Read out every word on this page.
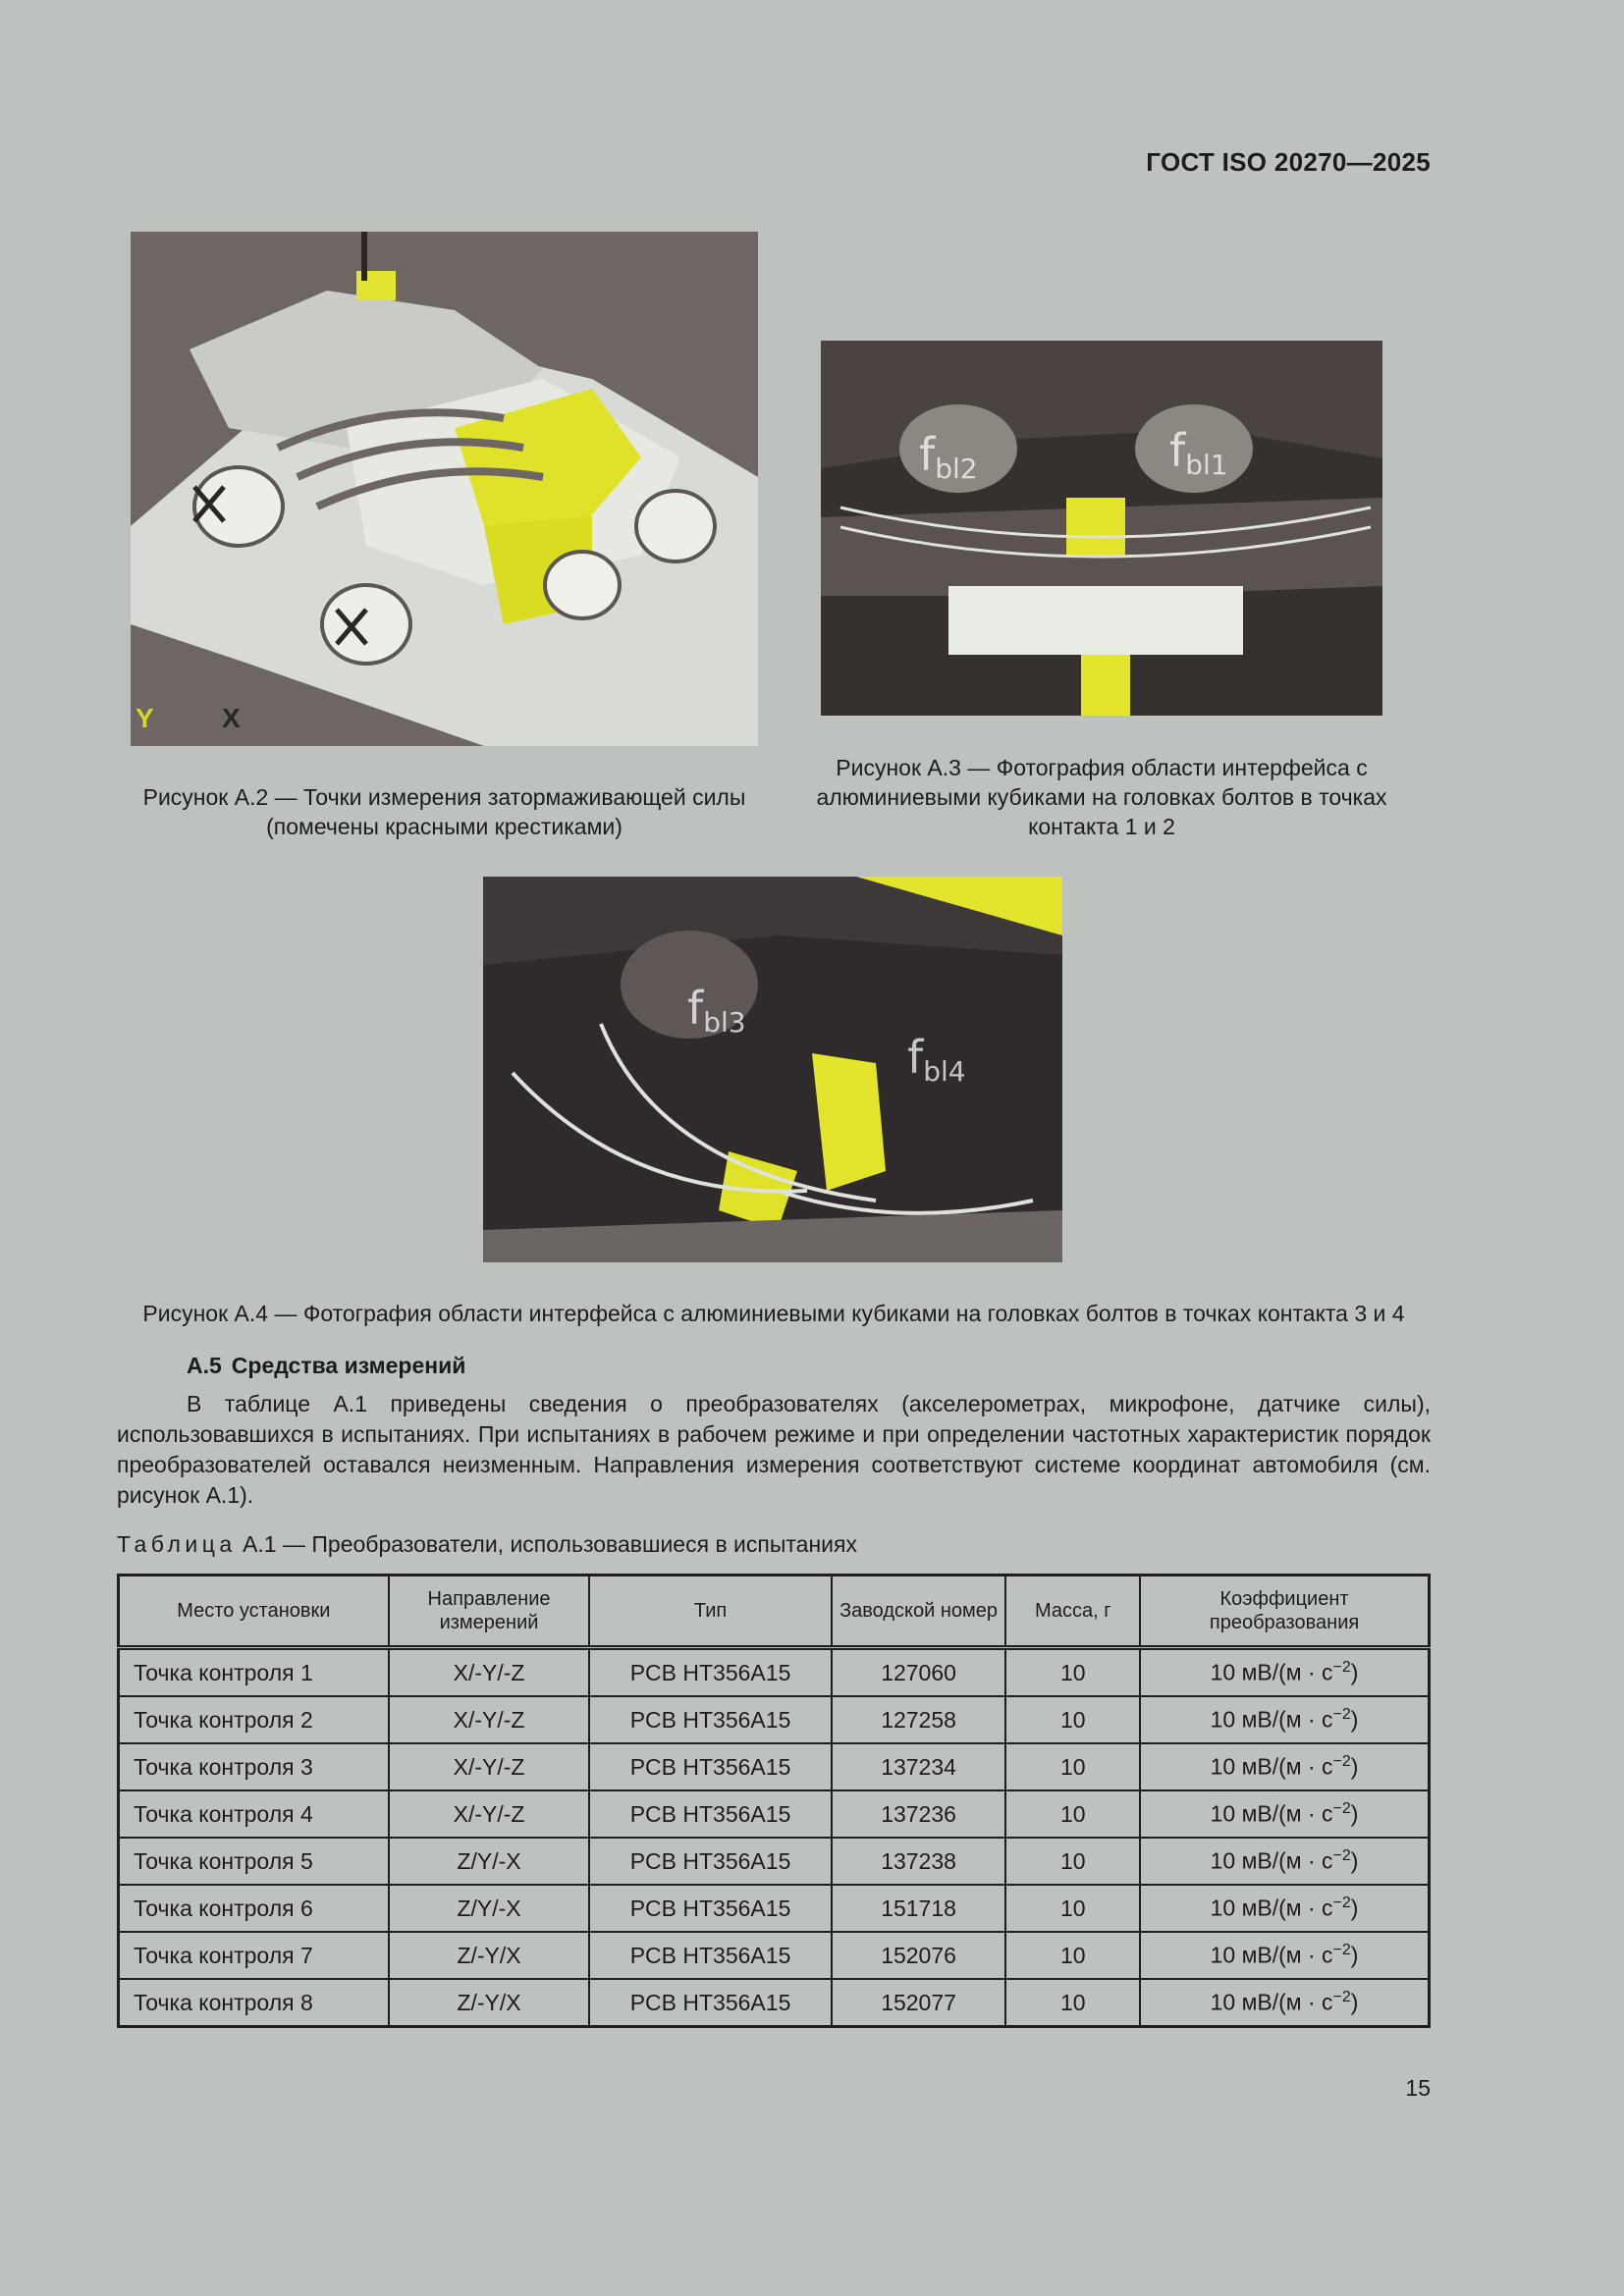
ГОСТ ISO 20270—2025
Y X
Рисунок А.2 — Точки измерения затормаживающей силы (помечены красными крестиками)
fbl2	fbl1
Рисунок А.3 — Фотография области интерфейса с алюминиевыми кубиками на головках болтов в точках контакта 1 и 2
fbl3
fbl4
Рисунок А.4 — Фотография области интерфейса с алюминиевыми кубиками на головках болтов в точках контакта 3 и 4
А.5 Средства измерений
В таблице А.1 приведены сведения о преобразователях (акселерометрах, микрофоне, датчике силы), использовавшихся в испытаниях. При испытаниях в рабочем режиме и при определении частотных характеристик порядок преобразователей оставался неизменным. Направления измерения соответствуют системе координат автомобиля (см. рисунок А.1).
Таблица А.1 — Преобразователи, использовавшиеся в испытаниях
Место установки	Направление измерений	Тип	Заводской номер	Масса, г	Коэффициент преобразования
Точка контроля 1	X/-Y/-Z	PCB HT356A15	127060	10	10 $мВ/(м \cdot с^{-2})$
Точка контроля 2	X/-Y/-Z	PCB HT356A15	127258	10	10 $мВ/(м \cdot с^{-2})$
Точка контроля 3	X/-Y/-Z	PCB HT356A15	137234	10	10 $мВ/(м \cdot с^{-2})$
Точка контроля 4	X/-Y/-Z	PCB HT356A15	137236	10	10 $мВ/(м \cdot с^{-2})$
Точка контроля 5	Z/Y/-X	PCB HT356A15	137238	10	10 $мВ/(м \cdot с^{-2})$
Точка контроля 6	Z/Y/-X	PCB HT356A15	151718	10	10 $мВ/(м \cdot с^{-2})$
Точка контроля 7	Z/-Y/X	PCB HT356A15	152076	10	10 $мВ/(м \cdot с^{-2})$
Точка контроля 8	Z/-Y/X	PCB HT356A15	152077	10	10 $мВ/(м \cdot с^{-2})$
15
